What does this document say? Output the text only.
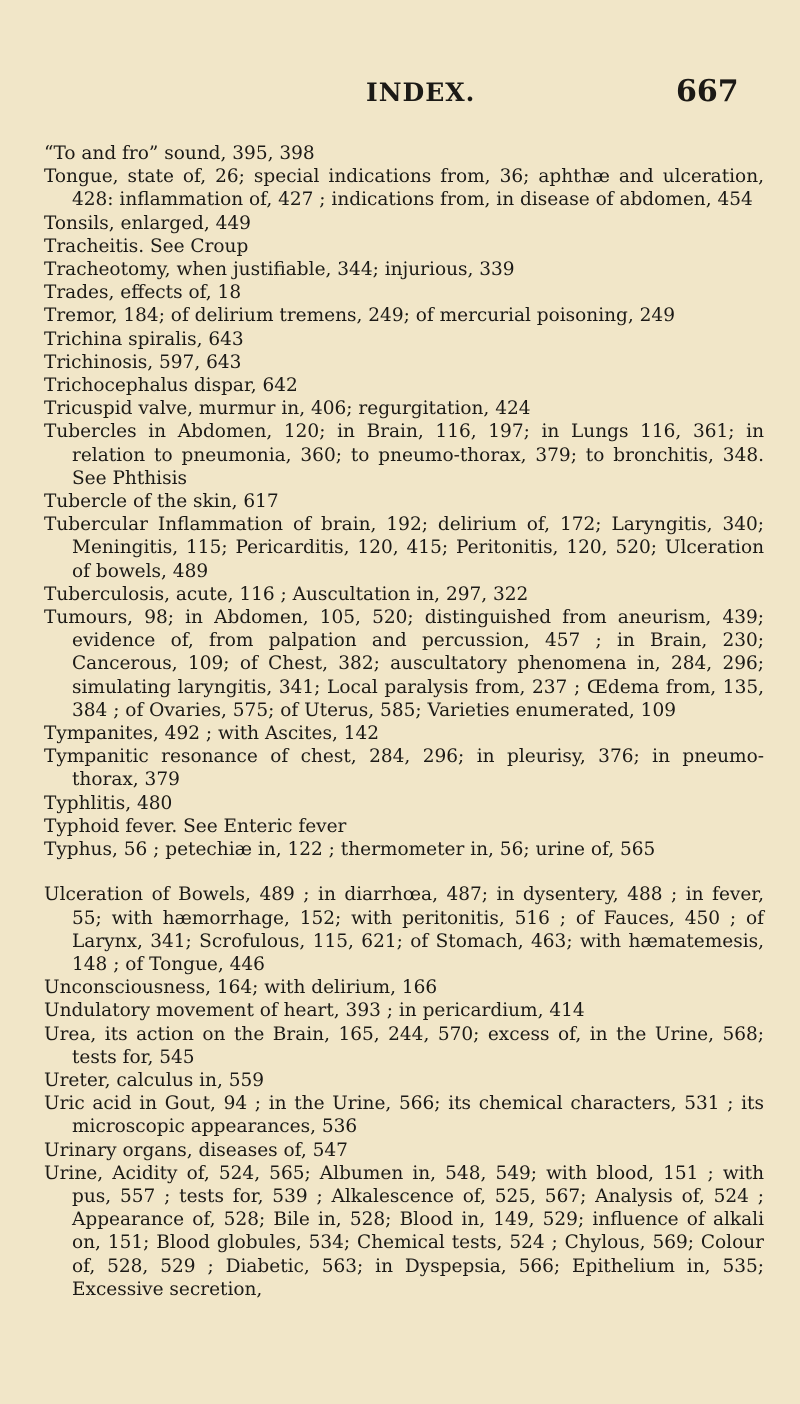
INDEX.	667
“To and fro” sound, 395, 398
Tongue, state of, 26; special indications from, 36; aphthæ and ulceration, 428: inflammation of, 427 ; indications from, in disease of abdomen, 454
Tonsils, enlarged, 449
Tracheitis. See Croup
Tracheotomy, when justifiable, 344; injurious, 339
Trades, effects of, 18
Tremor, 184; of delirium tremens, 249; of mercurial poisoning, 249
Trichina spiralis, 643
Trichinosis, 597, 643
Trichocephalus dispar, 642
Tricuspid valve, murmur in, 406; regurgitation, 424
Tubercles in Abdomen, 120; in Brain, 116, 197; in Lungs 116, 361; in relation to pneumonia, 360; to pneumo-thorax, 379; to bronchitis, 348. See Phthisis
Tubercle of the skin, 617
Tubercular Inflammation of brain, 192; delirium of, 172; Laryngitis, 340; Meningitis, 115; Pericarditis, 120, 415; Peritonitis, 120, 520; Ulceration of bowels, 489
Tuberculosis, acute, 116 ; Auscultation in, 297, 322
Tumours, 98; in Abdomen, 105, 520; distinguished from aneurism, 439; evidence of, from palpation and percussion, 457 ; in Brain, 230; Cancerous, 109; of Chest, 382; auscultatory phenomena in, 284, 296; simulating laryngitis, 341; Local paralysis from, 237 ; Œdema from, 135, 384 ; of Ovaries, 575; of Uterus, 585; Varieties enumerated, 109
Tympanites, 492 ; with Ascites, 142
Tympanitic resonance of chest, 284, 296; in pleurisy, 376; in pneumo-thorax, 379
Typhlitis, 480
Typhoid fever. See Enteric fever
Typhus, 56 ; petechiæ in, 122 ; thermometer in, 56; urine of, 565
Ulceration of Bowels, 489 ; in diarrhœa, 487; in dysentery, 488 ; in fever, 55; with hæmorrhage, 152; with peritonitis, 516 ; of Fauces, 450 ; of Larynx, 341; Scrofulous, 115, 621; of Stomach, 463; with hæmatemesis, 148 ; of Tongue, 446
Unconsciousness, 164; with delirium, 166
Undulatory movement of heart, 393 ; in pericardium, 414
Urea, its action on the Brain, 165, 244, 570; excess of, in the Urine, 568; tests for, 545
Ureter, calculus in, 559
Uric acid in Gout, 94 ; in the Urine, 566; its chemical characters, 531 ; its microscopic appearances, 536
Urinary organs, diseases of, 547
Urine, Acidity of, 524, 565; Albumen in, 548, 549; with blood, 151 ; with pus, 557 ; tests for, 539 ; Alkalescence of, 525, 567; Analysis of, 524 ; Appearance of, 528; Bile in, 528; Blood in, 149, 529; influence of alkali on, 151; Blood globules, 534; Chemical tests, 524 ; Chylous, 569; Colour of, 528, 529 ; Diabetic, 563; in Dyspepsia, 566; Epithelium in, 535; Excessive secretion,
